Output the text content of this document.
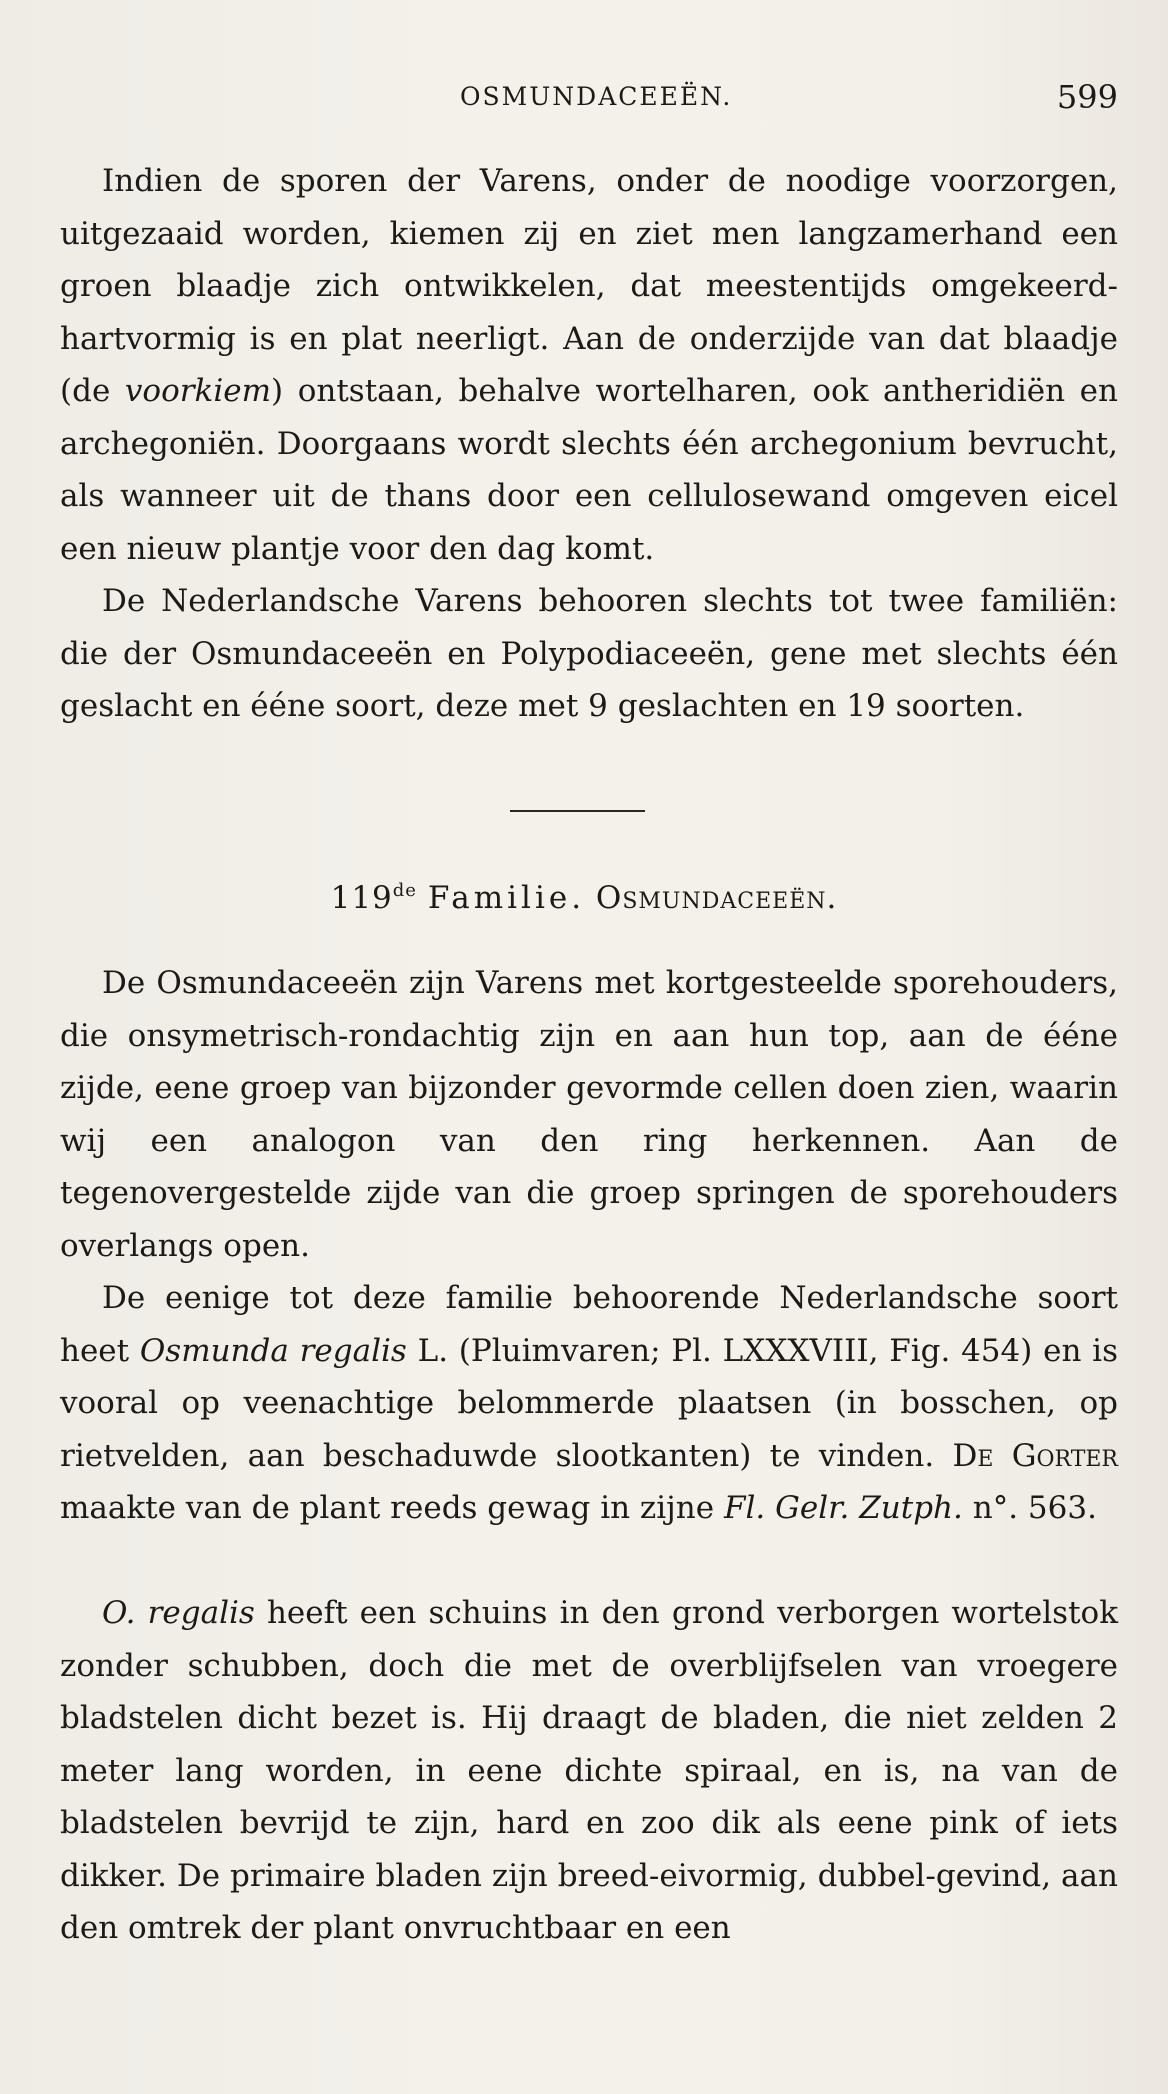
OSMUNDACEEËN.	599

Indien de sporen der Varens, onder de noodige voorzorgen, uitgezaaid worden, kiemen zij en ziet men langzamerhand een groen blaadje zich ontwikkelen, dat meestentijds omgekeerd-hartvormig is en plat neerligt. Aan de onderzijde van dat blaadje (de voorkiem) ontstaan, behalve wortelharen, ook antheridiën en archegoniën. Doorgaans wordt slechts één archegonium bevrucht, als wanneer uit de thans door een cellulosewand omgeven eicel een nieuw plantje voor den dag komt.

De Nederlandsche Varens behooren slechts tot twee familiën: die der Osmundaceeën en Polypodiaceeën, gene met slechts één geslacht en ééne soort, deze met 9 geslachten en 19 soorten.

119de Familie. Osmundaceeën.

De Osmundaceeën zijn Varens met kortgesteelde sporehouders, die onsymetrisch-rondachtig zijn en aan hun top, aan de ééne zijde, eene groep van bijzonder gevormde cellen doen zien, waarin wij een analogon van den ring herkennen. Aan de tegenovergestelde zijde van die groep springen de sporehouders overlangs open.

De eenige tot deze familie behoorende Nederlandsche soort heet Osmunda regalis L. (Pluimvaren; Pl. LXXXVIII, Fig. 454) en is vooral op veenachtige belommerde plaatsen (in bosschen, op rietvelden, aan beschaduwde slootkanten) te vinden. De Gorter maakte van de plant reeds gewag in zijne Fl. Gelr. Zutph. n°. 563.

O. regalis heeft een schuins in den grond verborgen wortelstok zonder schubben, doch die met de overblijfselen van vroegere bladstelen dicht bezet is. Hij draagt de bladen, die niet zelden 2 meter lang worden, in eene dichte spiraal, en is, na van de bladstelen bevrijd te zijn, hard en zoo dik als eene pink of iets dikker. De primaire bladen zijn breed-eivormig, dubbel-gevind, aan den omtrek der plant onvruchtbaar en een
